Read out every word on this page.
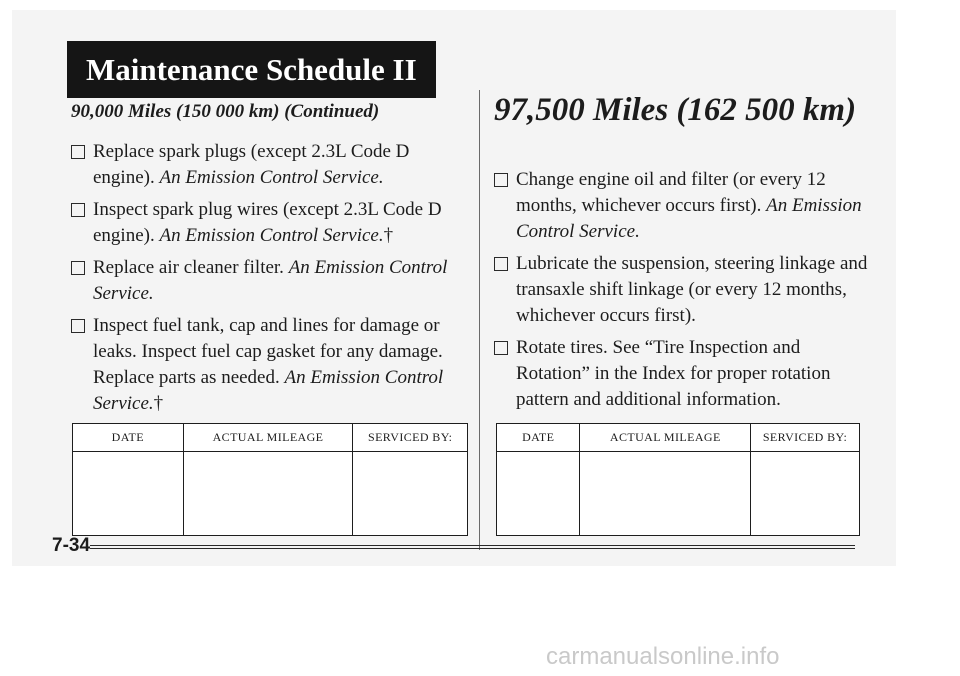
Maintenance Schedule II
90,000 Miles (150 000 km) (Continued)
Replace spark plugs (except 2.3L Code D engine). An Emission Control Service.
Inspect spark plug wires (except 2.3L Code D engine). An Emission Control Service.†
Replace air cleaner filter. An Emission Control Service.
Inspect fuel tank, cap and lines for damage or leaks. Inspect fuel cap gasket for any damage. Replace parts as needed. An Emission Control Service.†
DATE	ACTUAL MILEAGE	SERVICED BY:

97,500 Miles (162 500 km)
Change engine oil and filter (or every 12 months, whichever occurs first). An Emission Control Service.
Lubricate the suspension, steering linkage and transaxle shift linkage (or every 12 months, whichever occurs first).
Rotate tires. See “Tire Inspection and Rotation” in the Index for proper rotation pattern and additional information.
DATE	ACTUAL MILEAGE	SERVICED BY:

7-34
carmanualsonline.info
